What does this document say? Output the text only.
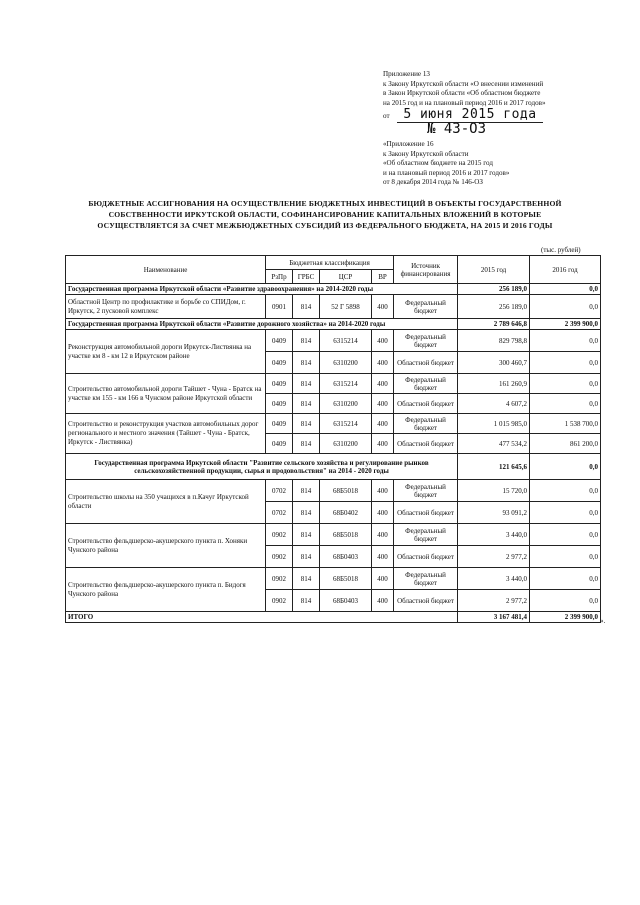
Приложение 13
к Закону Иркутской области «О внесении изменений
в Закон Иркутской области «Об областном бюджете
на 2015 год и на плановый период 2016 и 2017 годов»
от 5 июня 2015 года
№ 43-ОЗ
«Приложение 16
к Закону Иркутской области
«Об областном бюджете на 2015 год
и на плановый период 2016 и 2017 годов»
от 8 декабря 2014 года № 146-ОЗ
БЮДЖЕТНЫЕ АССИГНОВАНИЯ НА ОСУЩЕСТВЛЕНИЕ БЮДЖЕТНЫХ ИНВЕСТИЦИЙ В ОБЪЕКТЫ ГОСУДАРСТВЕННОЙ
СОБСТВЕННОСТИ ИРКУТСКОЙ ОБЛАСТИ, СОФИНАНСИРОВАНИЕ КАПИТАЛЬНЫХ ВЛОЖЕНИЙ В КОТОРЫЕ
ОСУЩЕСТВЛЯЕТСЯ ЗА СЧЕТ МЕЖБЮДЖЕТНЫХ СУБСИДИЙ ИЗ ФЕДЕРАЛЬНОГО БЮДЖЕТА, НА 2015 И 2016 ГОДЫ
(тыс. рублей)
Наименование	Бюджетная классификация				Источник финансирования	2015 год	2016 год
	РзПр	ГРБС	ЦСР	ВР			
Государственная программа Иркутской области «Развитие здравоохранения» на 2014-2020 годы						256 189,0	0,0
Областной Центр по профилактике и борьбе со СПИДом, г. Иркутск, 2 пусковой комплекс	0901	814	52 Г 5898	400	Федеральный бюджет	256 189,0	0,0
Государственная программа Иркутской области «Развитие дорожного хозяйства» на 2014-2020 годы						2 789 646,8	2 399 900,0
Реконструкция автомобильной дороги Иркутск-Листвянка на участке км 8 - км 12 в Иркутском районе	0409	814	6315214	400	Федеральный бюджет	829 798,8	0,0
	0409	814	6310200	400	Областной бюджет	300 460,7	0,0
Строительство автомобильной дороги Тайшет - Чуна - Братск на участке км 155 - км 166 в Чунском районе Иркутской области	0409	814	6315214	400	Федеральный бюджет	161 260,9	0,0
	0409	814	6310200	400	Областной бюджет	4 607,2	0,0
Строительство и реконструкция участков автомобильных дорог регионального и местного значения (Тайшет - Чуна - Братск, Иркутск - Листвянка)	0409	814	6315214	400	Федеральный бюджет	1 015 985,0	1 538 700,0
	0409	814	6310200	400	Областной бюджет	477 534,2	861 200,0
Государственная программа Иркутской области "Развитие сельского хозяйства и регулирование рынков сельскохозяйственной продукции, сырья и продовольствия" на 2014 - 2020 годы						121 645,6	0,0
Строительство школы на 350 учащихся в п.Качуг Иркутской области	0702	814	68Б5018	400	Федеральный бюджет	15 720,0	0,0
	0702	814	68Б0402	400	Областной бюджет	93 091,2	0,0
Строительство фельдшерско-акушерского пункта п. Хоняки Чунского района	0902	814	68Б5018	400	Федеральный бюджет	3 440,0	0,0
	0902	814	68Б0403	400	Областной бюджет	2 977,2	0,0
Строительство фельдшерско-акушерского пункта п. Бидогя Чунского района	0902	814	68Б5018	400	Федеральный бюджет	3 440,0	0,0
	0902	814	68Б0403	400	Областной бюджет	2 977,2	0,0
ИТОГО						3 167 481,4	2 399 900,0 ».
